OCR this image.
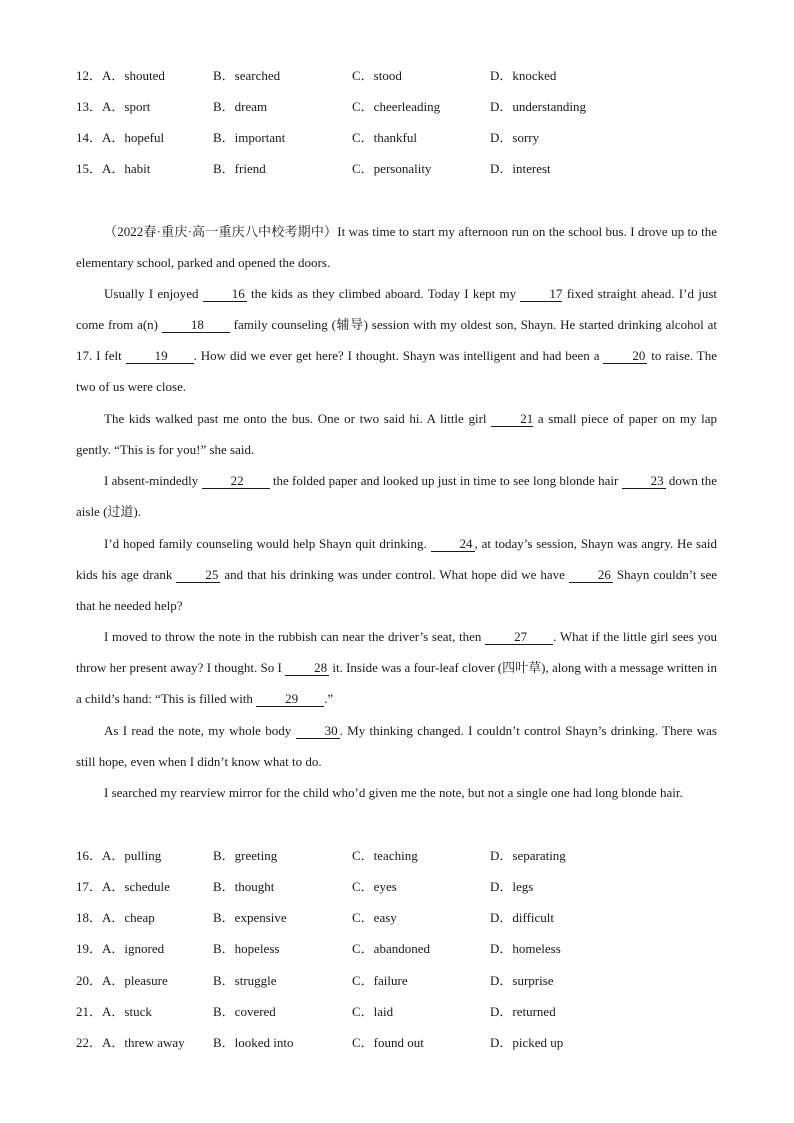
12．A．shouted	B．searched	C．stood	D．knocked
13．A．sport	B．dream	C．cheerleading	D．understanding
14．A．hopeful	B．important	C．thankful	D．sorry
15．A．habit	B．friend	C．personality	D．interest

（2022春·重庆·高一重庆八中校考期中）It was time to start my afternoon run on the school bus. I drove up to the elementary school, parked and opened the doors.

Usually I enjoyed 16 the kids as they climbed aboard. Today I kept my 17 fixed straight ahead. I’d just come from a(n) 18 family counseling (辅导) session with my oldest son, Shayn. He started drinking alcohol at 17. I felt 19 . How did we ever get here? I thought. Shayn was intelligent and had been a 20 to raise. The two of us were close.

The kids walked past me onto the bus. One or two said hi. A little girl 21 a small piece of paper on my lap gently. “This is for you!” she said.

I absent-mindedly 22 the folded paper and looked up just in time to see long blonde hair 23 down the aisle (过道).

I’d hoped family counseling would help Shayn quit drinking. 24 , at today’s session, Shayn was angry. He said kids his age drank 25 and that his drinking was under control. What hope did we have 26 Shayn couldn’t see that he needed help?

I moved to throw the note in the rubbish can near the driver’s seat, then 27 . What if the little girl sees you throw her present away? I thought. So I 28 it. Inside was a four-leaf clover (四叶草), along with a message written in a child’s hand: “This is filled with 29 .”

As I read the note, my whole body 30 . My thinking changed. I couldn’t control Shayn’s drinking. There was still hope, even when I didn’t know what to do.

I searched my rearview mirror for the child who’d given me the note, but not a single one had long blonde hair.

16．A．pulling	B．greeting	C．teaching	D．separating
17．A．schedule	B．thought	C．eyes	D．legs
18．A．cheap	B．expensive	C．easy	D．difficult
19．A．ignored	B．hopeless	C．abandoned	D．homeless
20．A．pleasure	B．struggle	C．failure	D．surprise
21．A．stuck	B．covered	C．laid	D．returned
22．A．threw away B．looked into	C．found out	D．picked up
